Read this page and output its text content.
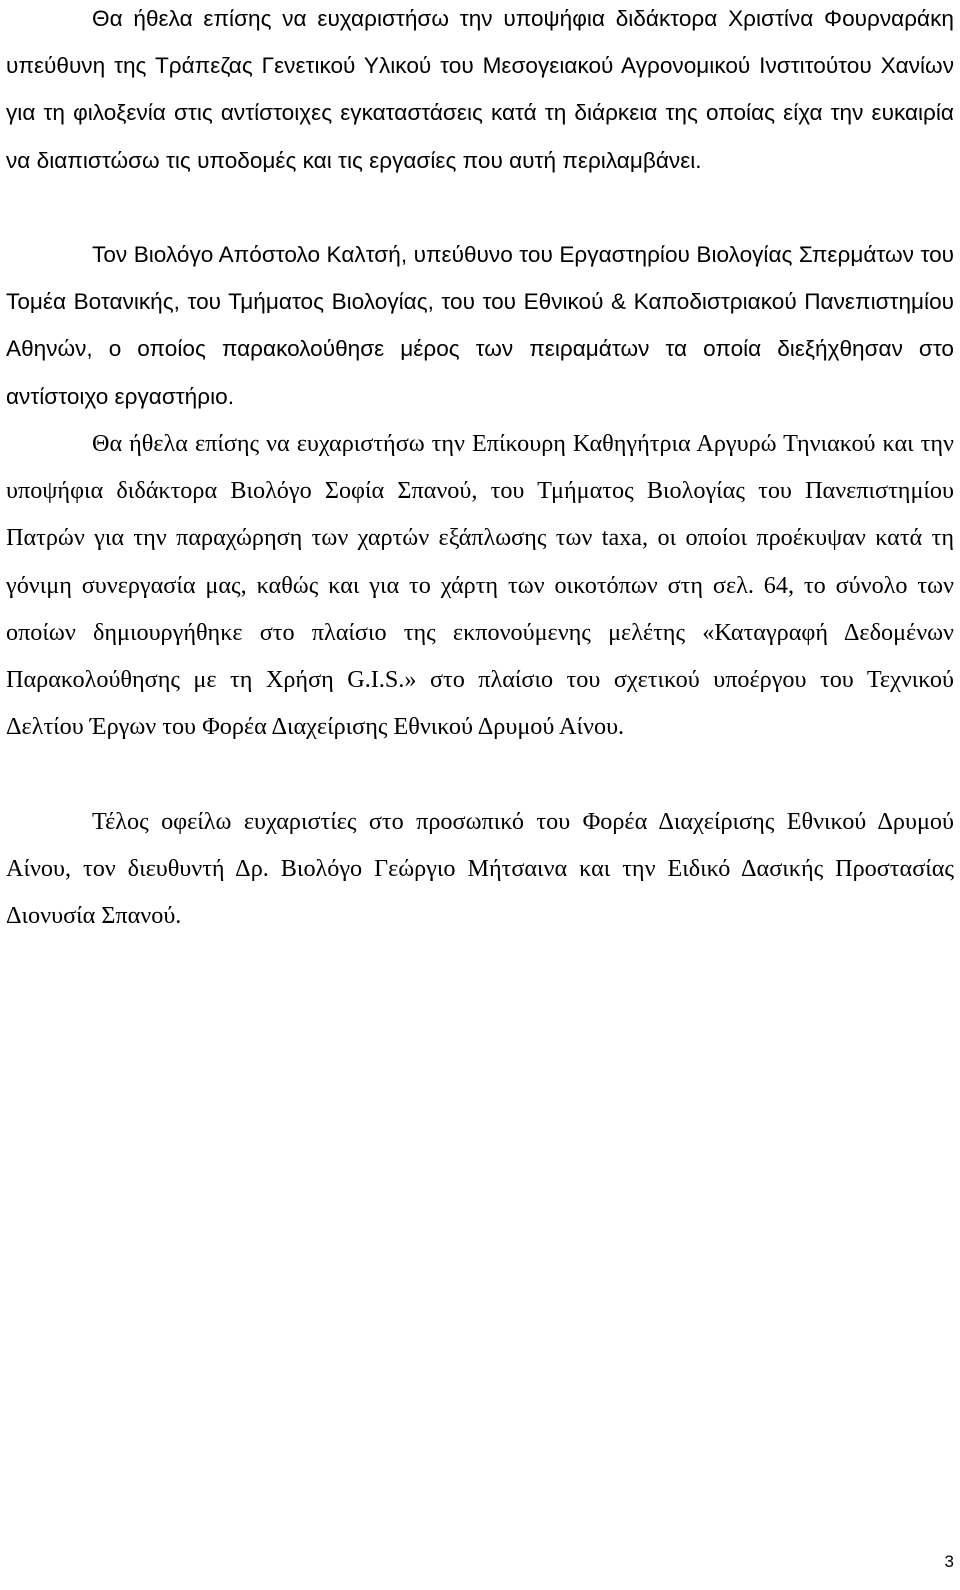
Θα ήθελα επίσης να ευχαριστήσω την υποψήφια διδάκτορα Χριστίνα Φουρναράκη υπεύθυνη της Τράπεζας Γενετικού Υλικού του Μεσογειακού Αγρονομικού Ινστιτούτου Χανίων για τη φιλοξενία στις αντίστοιχες εγκαταστάσεις κατά τη διάρκεια της οποίας είχα την ευκαιρία να διαπιστώσω τις υποδομές και τις εργασίες που αυτή περιλαμβάνει.

Τον Βιολόγο Απόστολο Καλτσή, υπεύθυνο του Εργαστηρίου Βιολογίας Σπερμάτων του Τομέα Βοτανικής, του Τμήματος Βιολογίας, του του Εθνικού & Καποδιστριακού Πανεπιστημίου Αθηνών, ο οποίος παρακολούθησε μέρος των πειραμάτων τα οποία διεξήχθησαν στο αντίστοιχο εργαστήριο.

Θα ήθελα επίσης να ευχαριστήσω την Επίκουρη Καθηγήτρια Αργυρώ Τηνιακού και την υποψήφια διδάκτορα Βιολόγο Σοφία Σπανού, του Τμήματος Βιολογίας του Πανεπιστημίου Πατρών για την παραχώρηση των χαρτών εξάπλωσης των taxa, οι οποίοι προέκυψαν κατά τη γόνιμη συνεργασία μας, καθώς και για το χάρτη των οικοτόπων στη σελ. 64, το σύνολο των οποίων δημιουργήθηκε στο πλαίσιο της εκπονούμενης μελέτης «Καταγραφή Δεδομένων Παρακολούθησης με τη Χρήση G.I.S.» στο πλαίσιο του σχετικού υποέργου του Τεχνικού Δελτίου Έργων του Φορέα Διαχείρισης Εθνικού Δρυμού Αίνου.

Τέλος οφείλω ευχαριστίες στο προσωπικό του Φορέα Διαχείρισης Εθνικού Δρυμού Αίνου, τον διευθυντή Δρ. Βιολόγο Γεώργιο Μήτσαινα και την Ειδικό Δασικής Προστασίας Διονυσία Σπανού.

3
